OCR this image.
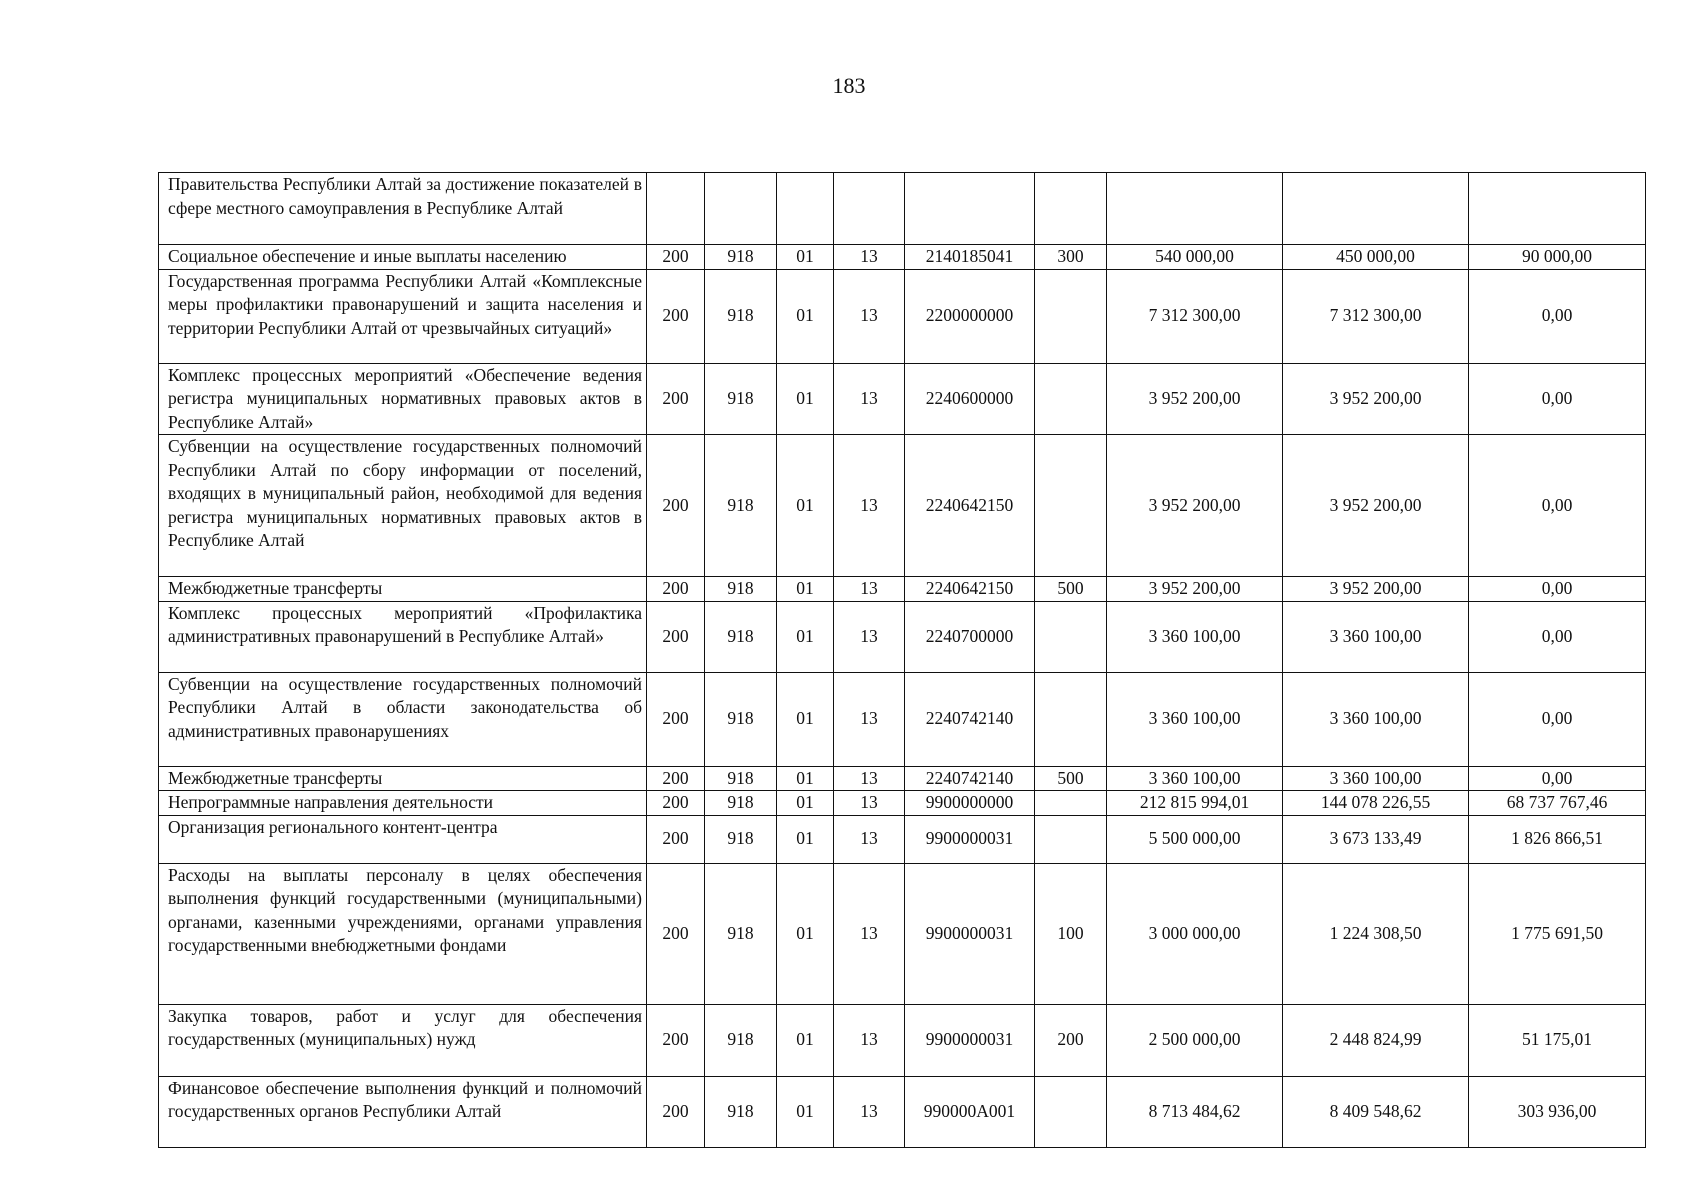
183
Правительства Республики Алтай за достижение показателей в сфере местного самоуправления в Республике Алтай									
Социальное обеспечение и иные выплаты населению	200	918	01	13	2140185041	300	540 000,00	450 000,00	90 000,00
Государственная программа Республики Алтай «Комплексные меры профилактики правонарушений и защита населения и территории Республики Алтай от чрезвычайных ситуаций»	200	918	01	13	2200000000		7 312 300,00	7 312 300,00	0,00
Комплекс процессных мероприятий «Обеспечение ведения регистра муниципальных нормативных правовых актов в Республике Алтай»	200	918	01	13	2240600000		3 952 200,00	3 952 200,00	0,00
Субвенции на осуществление государственных полномочий Республики Алтай по сбору информации от поселений, входящих в муниципальный район, необходимой для ведения регистра муниципальных нормативных правовых актов в Республике Алтай	200	918	01	13	2240642150		3 952 200,00	3 952 200,00	0,00
Межбюджетные трансферты	200	918	01	13	2240642150	500	3 952 200,00	3 952 200,00	0,00
Комплекс процессных мероприятий «Профилактика административных правонарушений в Республике Алтай»	200	918	01	13	2240700000		3 360 100,00	3 360 100,00	0,00
Субвенции на осуществление государственных полномочий Республики Алтай в области законодательства об административных правонарушениях	200	918	01	13	2240742140		3 360 100,00	3 360 100,00	0,00
Межбюджетные трансферты	200	918	01	13	2240742140	500	3 360 100,00	3 360 100,00	0,00
Непрограммные направления деятельности	200	918	01	13	9900000000		212 815 994,01	144 078 226,55	68 737 767,46
Организация регионального контент-центра	200	918	01	13	9900000031		5 500 000,00	3 673 133,49	1 826 866,51
Расходы на выплаты персоналу в целях обеспечения выполнения функций государственными (муниципальными) органами, казенными учреждениями, органами управления государственными внебюджетными фондами	200	918	01	13	9900000031	100	3 000 000,00	1 224 308,50	1 775 691,50
Закупка товаров, работ и услуг для обеспечения государственных (муниципальных) нужд	200	918	01	13	9900000031	200	2 500 000,00	2 448 824,99	51 175,01
Финансовое обеспечение выполнения функций и полномочий государственных органов Республики Алтай	200	918	01	13	990000А001		8 713 484,62	8 409 548,62	303 936,00
